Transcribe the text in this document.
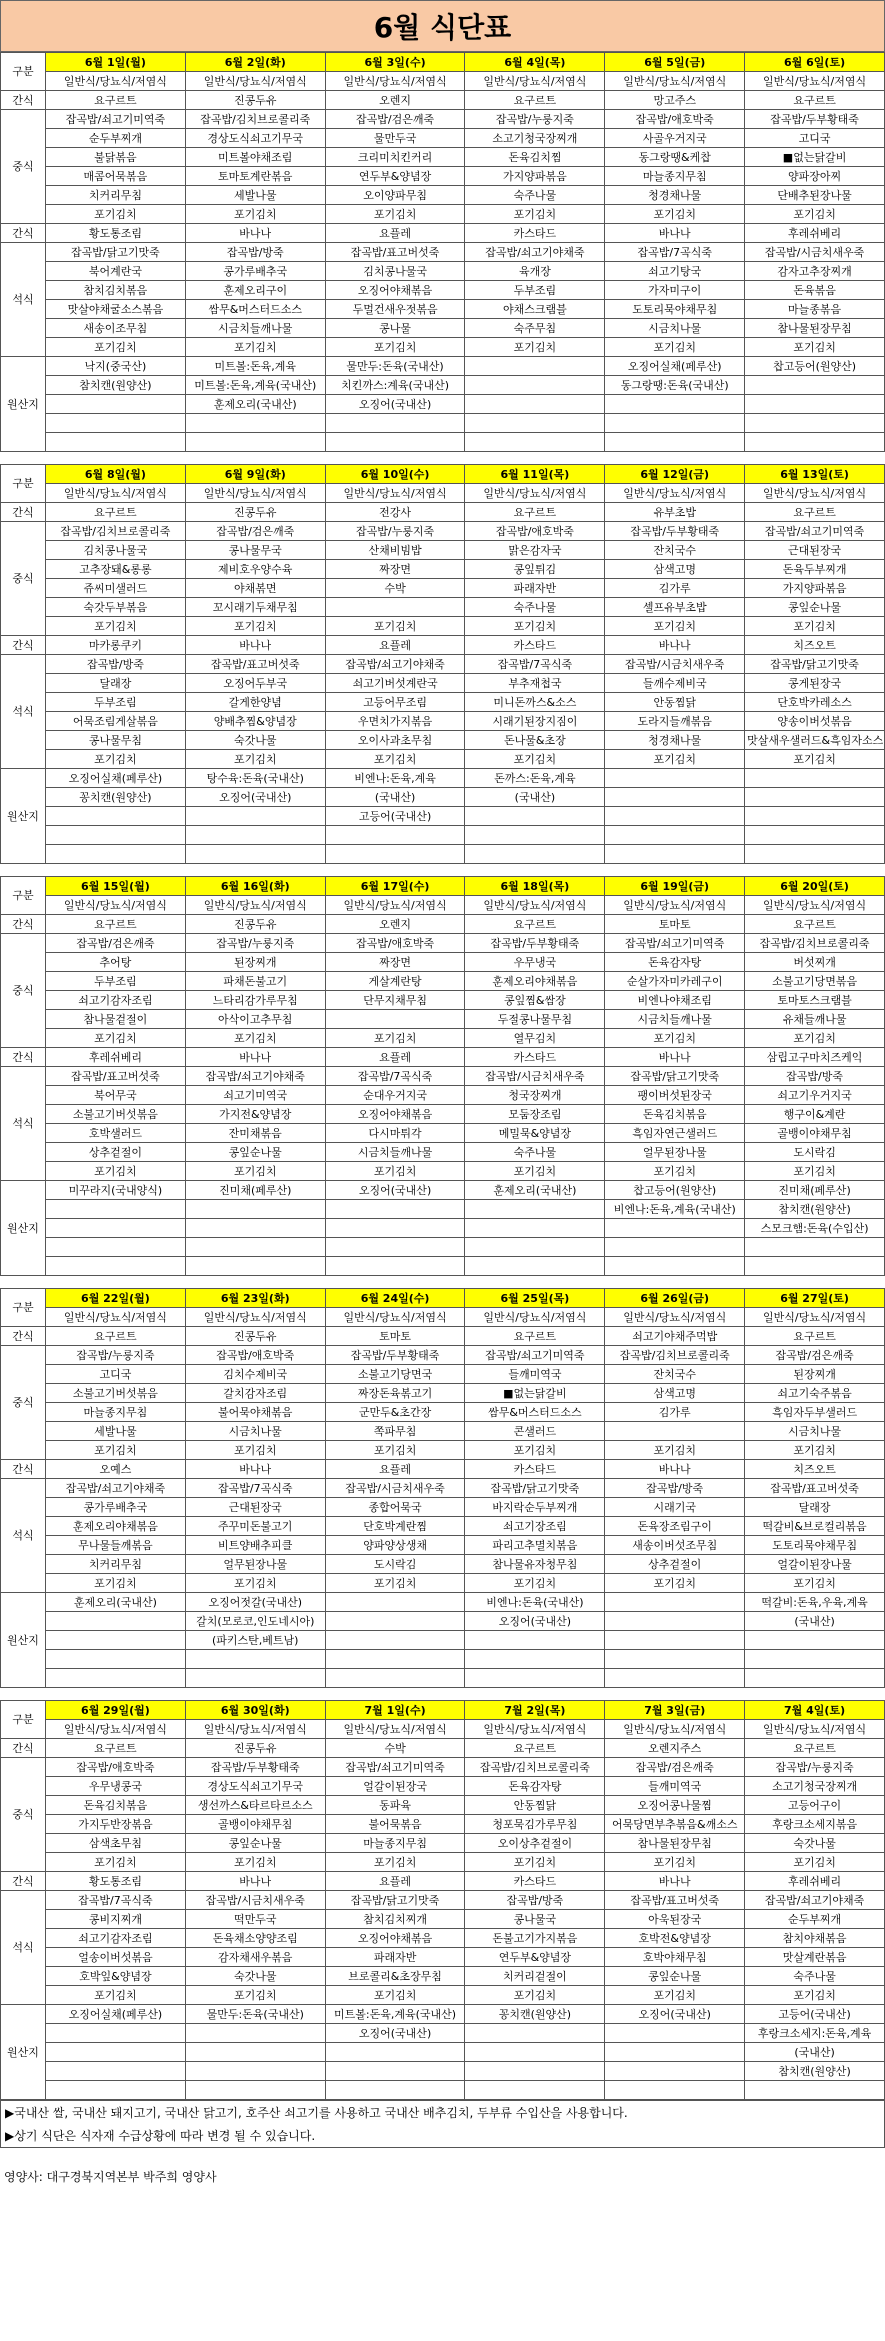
6월 식단표
구분	6월 1일(월)	6월 2일(화)	6월 3일(수)	6월 4일(목)	6월 5일(금)	6월 6일(토)
	일반식/당뇨식/저염식	일반식/당뇨식/저염식	일반식/당뇨식/저염식	일반식/당뇨식/저염식	일반식/당뇨식/저염식	일반식/당뇨식/저염식
간식	요구르트	진콩두유	오렌지	요구르트	망고주스	요구르트
중식	잡곡밥/쇠고기미역죽	잡곡밥/김치브로콜리죽	잡곡밥/검은깨죽	잡곡밥/누룽지죽	잡곡밥/애호박죽	잡곡밥/두부황태죽
	순두부찌개	경상도식쇠고기무국	물만두국	소고기청국장찌개	사골우거지국	고디국
	불닭볶음	미트볼야채조림	크리미치킨커리	돈육김치찜	동그랑땡&케찹	■없는닭갈비
	매콤어묵볶음	토마토계란볶음	연두부&양념장	가지양파볶음	마늘종지무침	양파장아찌
	치커리무침	세발나물	오이양파무침	숙주나물	청경채나물	단배추된장나물
	포기김치	포기김치	포기김치	포기김치	포기김치	포기김치
간식	황도통조림	바나나	요플레	카스타드	바나나	후레쉬베리
석식	잡곡밥/닭고기맛죽	잡곡밥/방죽	잡곡밥/표고버섯죽	잡곡밥/쇠고기야채죽	잡곡밥/7곡식죽	잡곡밥/시금치새우죽
	북어계란국	콩가루배추국	김치콩나물국	육개장	쇠고기탕국	감자고추장찌개
	참치김치볶음	훈제오리구이	오징어야채볶음	두부조림	가자미구이	돈육볶음
	맛살야채굴소스볶음	쌈무&머스터드소스	두멀건새우젓볶음	야채스크램블	도토리묵야채무침	마늘종볶음
	새송이조무침	시금치들깨나물	콩나물	숙주무침	시금치나물	참나물된장무침
	포기김치	포기김치	포기김치	포기김치	포기김치	포기김치
원산지	낙지(중국산)	미트볼:돈육,계육	물만두:돈육(국내산)		오징어실채(페루산)	찹고등어(원양산)
	참치캔(원양산)	미트볼:돈육,계육(국내산)	치킨까스:계육(국내산)		동그랑땡:돈육(국내산)	
		훈제오리(국내산)	오징어(국내산)			

구분	6월 8일(월)	6월 9일(화)	6월 10일(수)	6월 11일(목)	6월 12일(금)	6월 13일(토)
	일반식/당뇨식/저염식	일반식/당뇨식/저염식	일반식/당뇨식/저염식	일반식/당뇨식/저염식	일반식/당뇨식/저염식	일반식/당뇨식/저염식
간식	요구르트	진콩두유	전강사	요구르트	유부초밥	요구르트
중식	잡곡밥/김치브로콜리죽	잡곡밥/검은깨죽	잡곡밥/누룽지죽	잡곡밥/애호박죽	잡곡밥/두부황태죽	잡곡밥/쇠고기미역죽
	김치콩나물국	콩나물무국	산채비빔밥	맑은감자국	잔치국수	근대된장국
	고추장돼&롱롱	제비호우양수육	짜장면	콩잎튀김	삼색고명	돈육두부찌개
	쥬씨미샐러드	야채볶면	수박	파래자반	김가루	가지양파볶음
	숙갓두부볶음	꼬시래기두채무침		숙주나물	셀프유부초밥	콩잎순나물
	포기김치	포기김치	포기김치	포기김치	포기김치	포기김치
간식	마카롱쿠키	바나나	요플레	카스타드	바나나	치즈오트
석식	잡곡밥/방죽	잡곡밥/표고버섯죽	잡곡밥/쇠고기야채죽	잡곡밥/7곡식죽	잡곡밥/시금치새우죽	잡곡밥/닭고기맛죽
	달래장	오징어두부국	쇠고기버섯계란국	부추재첩국	들깨수제비국	콩게된장국
	두부조림	갈게한양념	고등어무조림	미니돈까스&소스	안동찜닭	단호박카레소스
	어묵조림게살볶음	양배추찜&양념장	우면치가지볶음	시래기된장지짐이	도라지들깨볶음	양송이버섯볶음
	콩나물무침	숙갓나물	오이사과초무침	돈나물&초장	청경채나물	맛살새우샐러드&흑임자소스
	포기김치	포기김치	포기김치	포기김치	포기김치	포기김치
원산지	오징어실채(페루산)	탕수육:돈육(국내산)	비엔나:돈육,계육	돈까스:돈육,계육		
	꽁치캔(원양산)	오징어(국내산)	(국내산)	(국내산)		
			고등어(국내산)			

구분	6월 15일(월)	6월 16일(화)	6월 17일(수)	6월 18일(목)	6월 19일(금)	6월 20일(토)
	일반식/당뇨식/저염식	일반식/당뇨식/저염식	일반식/당뇨식/저염식	일반식/당뇨식/저염식	일반식/당뇨식/저염식	일반식/당뇨식/저염식
간식	요구르트	진콩두유	오렌지	요구르트	토마토	요구르트
중식	잡곡밥/검은깨죽	잡곡밥/누룽지죽	잡곡밥/애호박죽	잡곡밥/두부황태죽	잡곡밥/쇠고기미역죽	잡곡밥/김치브로콜리죽
	추어탕	된장찌개	짜장면	우무냉국	돈육감자탕	버섯찌개
	두부조림	파채돈불고기	게살계란탕	훈제오리야채볶음	순살가자미카레구이	소불고기당면볶음
	쇠고기감자조림	느타리감가루무침	단무지채무침	콩잎찜&쌈장	비엔나야채조림	토마토스크램블
	참나물겉절이	아삭이고추무침		두절콩나물무침	시금치들깨나물	유채들깨나물
	포기김치	포기김치	포기김치	열무김치	포기김치	포기김치
간식	후레쉬베리	바나나	요플레	카스타드	바나나	삼립고구마치즈케익
석식	잡곡밥/표고버섯죽	잡곡밥/쇠고기야채죽	잡곡밥/7곡식죽	잡곡밥/시금치새우죽	잡곡밥/닭고기맛죽	잡곡밥/방죽
	북어무국	쇠고기미역국	순대우거지국	청국장찌개	팽이버섯된장국	쇠고기우거지국
	소불고기버섯볶음	가지전&양념장	오징어야채볶음	모둠장조림	돈육김치볶음	행구이&계란
	호박샐러드	잔미채볶음	다시마튀각	메밀묵&양념장	흑임자연근샐러드	골뱅이야채무침
	상추겉절이	콩잎순나물	시금치들깨나물	숙주나물	얼무된장나물	도시락김
	포기김치	포기김치	포기김치	포기김치	포기김치	포기김치
원산지	미꾸라지(국내양식)	진미채(페루산)	오징어(국내산)	훈제오리(국내산)	찹고등어(원양산)	진미채(페루산)
					비엔나:돈육,계육(국내산)	참치캔(원양산)
						스모크햄:돈육(수입산)

구분	6월 22일(월)	6월 23일(화)	6월 24일(수)	6월 25일(목)	6월 26일(금)	6월 27일(토)
	일반식/당뇨식/저염식	일반식/당뇨식/저염식	일반식/당뇨식/저염식	일반식/당뇨식/저염식	일반식/당뇨식/저염식	일반식/당뇨식/저염식
간식	요구르트	진콩두유	토마토	요구르트	쇠고기야채주먹밥	요구르트
중식	잡곡밥/누룽지죽	잡곡밥/애호박죽	잡곡밥/두부황태죽	잡곡밥/쇠고기미역죽	잡곡밥/김치브로콜리죽	잡곡밥/검은깨죽
	고디국	김치수제비국	소불고기당면국	들깨미역국	잔치국수	된장찌개
	소불고기버섯볶음	갈치감자조림	짜장돈육볶고기	■없는닭갈비	삼색고명	쇠고기숙주볶음
	마늘종지무침	불어묵야채볶음	군만두&초간장	쌈무&머스터드소스	김가루	흑임자두부샐러드
	세발나물	시금치나물	쪽파무침	콘샐러드		시금치나물
	포기김치	포기김치	포기김치	포기김치	포기김치	포기김치
간식	오예스	바나나	요플레	카스타드	바나나	치즈오트
석식	잡곡밥/쇠고기야채죽	잡곡밥/7곡식죽	잡곡밥/시금치새우죽	잡곡밥/닭고기맛죽	잡곡밥/방죽	잡곡밥/표고버섯죽
	콩가루배추국	근대된장국	종합어묵국	바지락순두부찌개	시래기국	달래장
	훈제오리야채볶음	주꾸미돈불고기	단호박계란찜	쇠고기장조림	돈육장조림구이	떡갈비&브로컬리볶음
	무나물들깨볶음	비트양배추피클	양파양상생채	파리고추멸치볶음	새송이버섯조무침	도토리묵야채무침
	치커리무침	얼무된장나물	도시락김	참나물유자청무침	상추겉절이	얼갈이된장나물
	포기김치	포기김치	포기김치	포기김치	포기김치	포기김치
원산지	훈제오리(국내산)	오징어젓갈(국내산)		비엔나:돈육(국내산)		떡갈비:돈육,우육,계육
		갈치(모로코,인도네시아)		오징어(국내산)		(국내산)
		(파키스탄,베트남)				

구분	6월 29일(월)	6월 30일(화)	7월 1일(수)	7월 2일(목)	7월 3일(금)	7월 4일(토)
	일반식/당뇨식/저염식	일반식/당뇨식/저염식	일반식/당뇨식/저염식	일반식/당뇨식/저염식	일반식/당뇨식/저염식	일반식/당뇨식/저염식
간식	요구르트	진콩두유	수박	요구르트	오렌지주스	요구르트
중식	잡곡밥/애호박죽	잡곡밥/두부황태죽	잡곡밥/쇠고기미역죽	잡곡밥/김치브로콜리죽	잡곡밥/검은깨죽	잡곡밥/누룽지죽
	우무냉콩국	경상도식쇠고기무국	얼갈이된장국	돈육감자탕	들깨미역국	소고기청국장찌개
	돈육김치볶음	생선까스&타르타르소스	동파육	안동찜닭	오징어콩나물찜	고등어구이
	가지두반장볶음	골뱅이야채무침	불어묵볶음	청포묵김가루무침	어묵당면부추볶음&깨소스	후랑크소세지볶음
	삼색초무침	콩잎순나물	마늘종지무침	오이상추겉절이	참나물된장무침	숙갓나물
	포기김치	포기김치	포기김치	포기김치	포기김치	포기김치
간식	황도통조림	바나나	요플레	카스타드	바나나	후레쉬베리
석식	잡곡밥/7곡식죽	잡곡밥/시금치새우죽	잡곡밥/닭고기맛죽	잡곡밥/방죽	잡곡밥/표고버섯죽	잡곡밥/쇠고기야채죽
	콩비지찌개	떡만두국	참치김치찌개	콩나물국	아욱된장국	순두부찌개
	쇠고기감자조림	돈육채소양양조림	오징어야채볶음	돈불고기가지볶음	호박전&양념장	참치야채볶음
	얼송이버섯볶음	감자채새우볶음	파래자반	연두부&양념장	호박야채무침	맛살계란볶음
	호박잎&양념장	숙갓나물	브로콜리&초장무침	치커리겉절이	콩잎순나물	숙주나물
	포기김치	포기김치	포기김치	포기김치	포기김치	포기김치
원산지	오징어실채(페루산)	물만두:돈육(국내산)	미트볼:돈육,계육(국내산)	꽁치캔(원양산)	오징어(국내산)	고등어(국내산)
			오징어(국내산)			후랑크소세지:돈육,계육
						(국내산)
						참치캔(원양산)

▶국내산 쌀, 국내산 돼지고기, 국내산 닭고기, 호주산 쇠고기를 사용하고 국내산 배추김치, 두부류 수입산을 사용합니다.
▶상기 식단은 식자재 수급상황에 따라 변경 될 수 있습니다.
영양사: 대구경북지역본부 박주희 영양사
